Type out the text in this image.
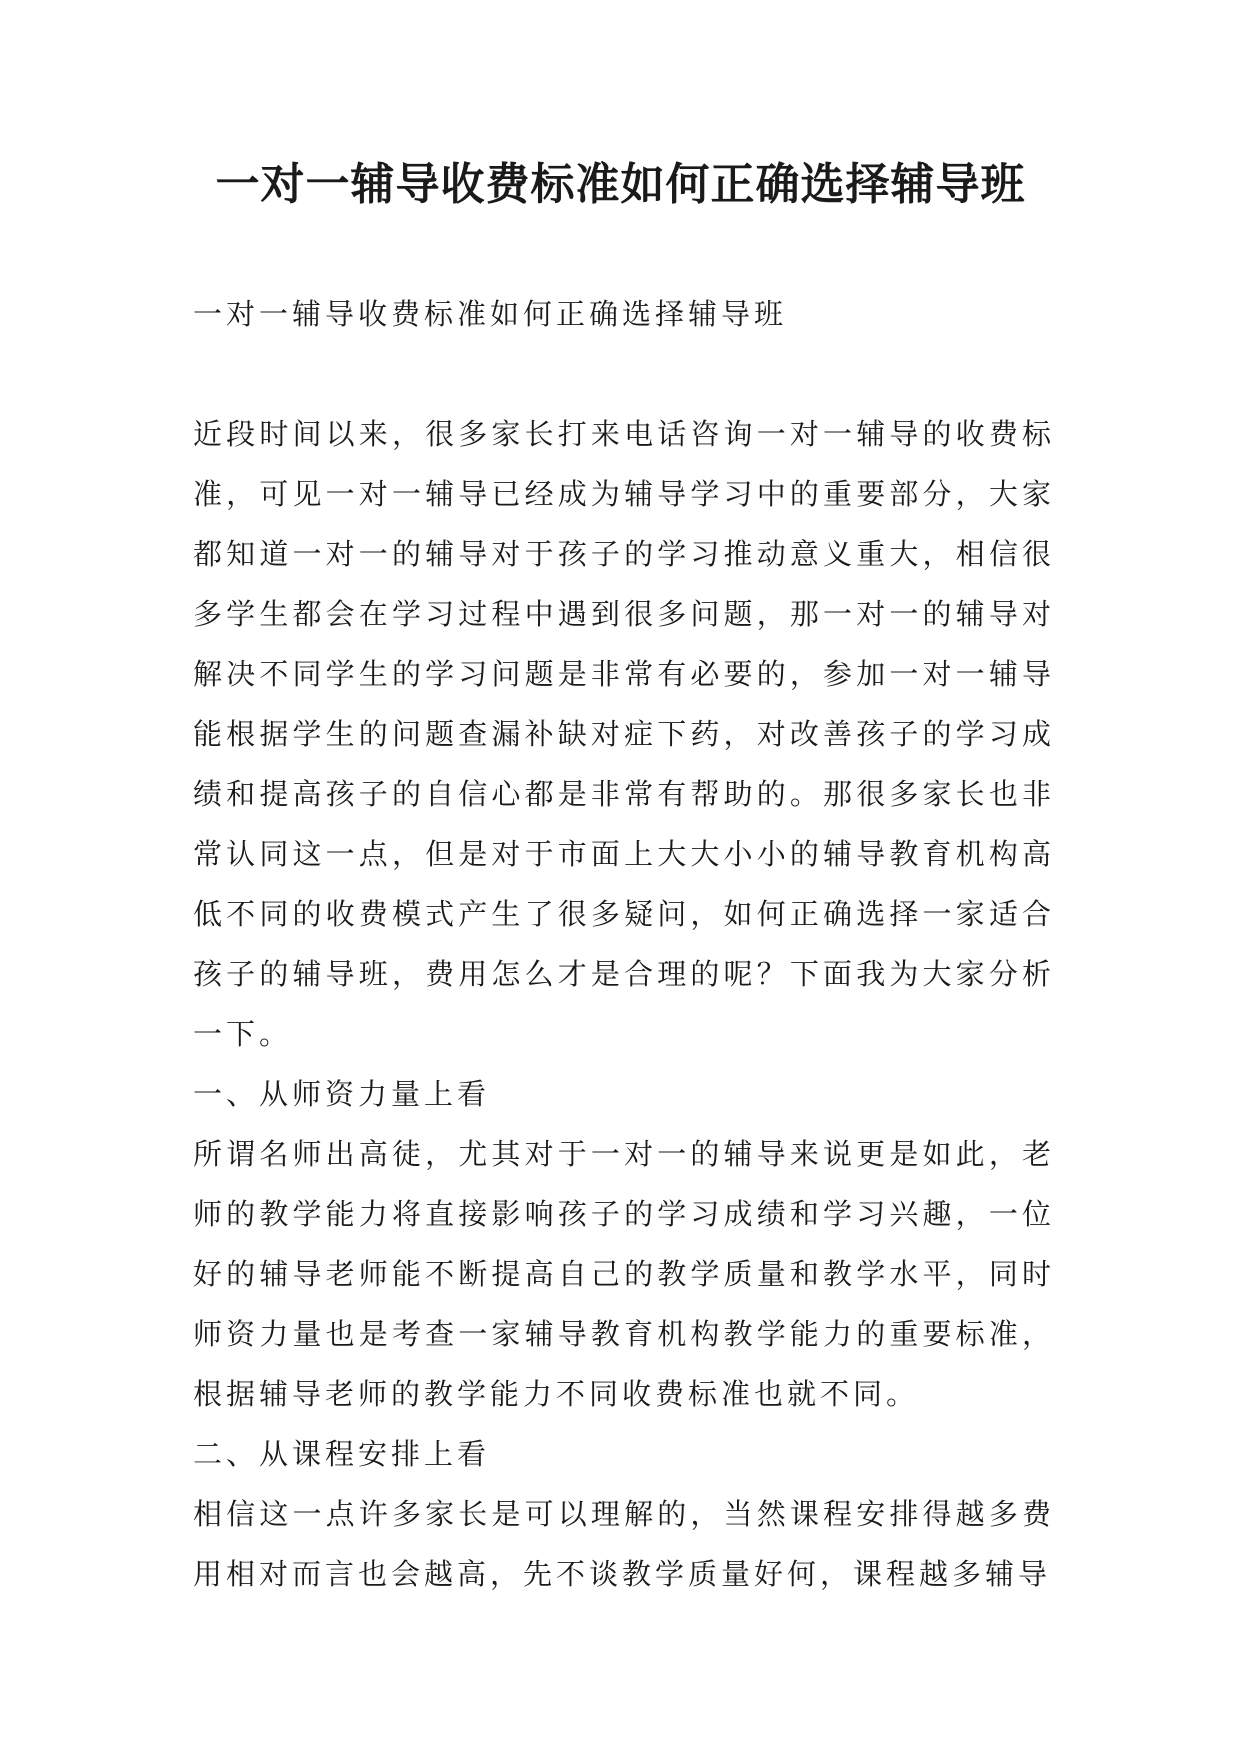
一对一辅导收费标准如何正确选择辅导班

一对一辅导收费标准如何正确选择辅导班

近段时间以来，很多家长打来电话咨询一对一辅导的收费标准，可见一对一辅导已经成为辅导学习中的重要部分，大家都知道一对一的辅导对于孩子的学习推动意义重大，相信很多学生都会在学习过程中遇到很多问题，那一对一的辅导对解决不同学生的学习问题是非常有必要的，参加一对一辅导能根据学生的问题查漏补缺对症下药，对改善孩子的学习成绩和提高孩子的自信心都是非常有帮助的。那很多家长也非常认同这一点，但是对于市面上大大小小的辅导教育机构高低不同的收费模式产生了很多疑问，如何正确选择一家适合孩子的辅导班，费用怎么才是合理的呢？下面我为大家分析一下。

一、从师资力量上看

所谓名师出高徒，尤其对于一对一的辅导来说更是如此，老师的教学能力将直接影响孩子的学习成绩和学习兴趣，一位好的辅导老师能不断提高自己的教学质量和教学水平，同时师资力量也是考查一家辅导教育机构教学能力的重要标准，根据辅导老师的教学能力不同收费标准也就不同。

二、从课程安排上看

相信这一点许多家长是可以理解的，当然课程安排得越多费用相对而言也会越高，先不谈教学质量好何，课程越多辅导
